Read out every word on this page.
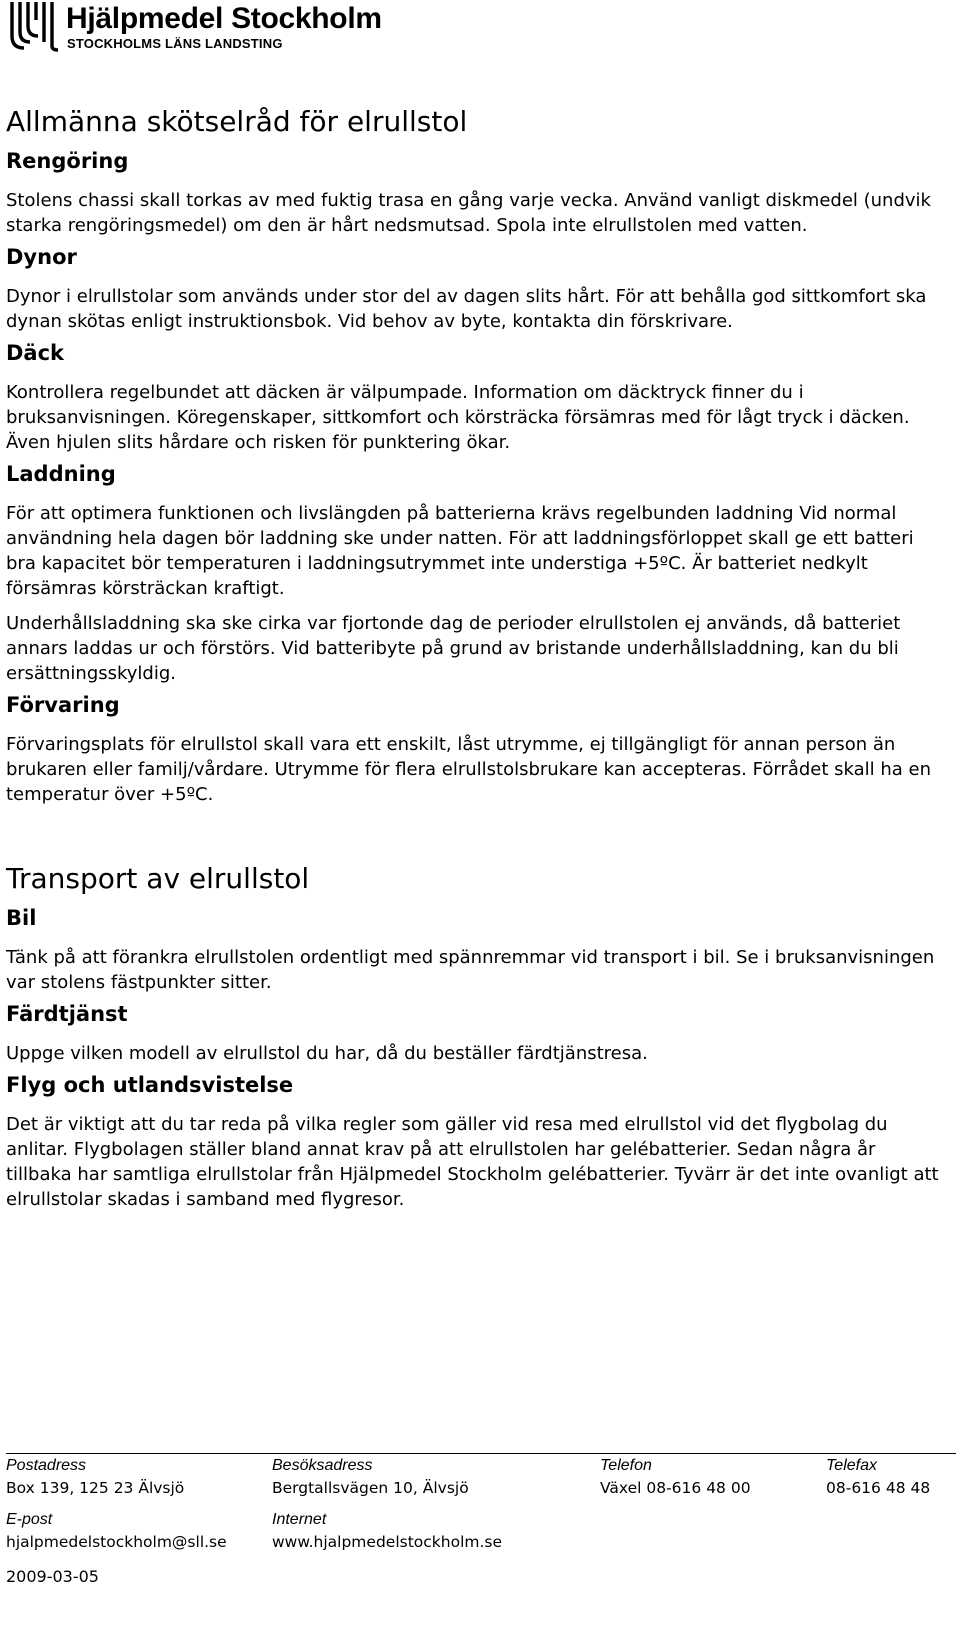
Hjälpmedel Stockholm
STOCKHOLMS LÄNS LANDSTING
Allmänna skötselråd för elrullstol
Rengöring

Stolens chassi skall torkas av med fuktig trasa en gång varje vecka. Använd vanligt diskmedel (undvik starka rengöringsmedel) om den är hårt nedsmutsad. Spola inte elrullstolen med vatten.

Dynor

Dynor i elrullstolar som används under stor del av dagen slits hårt. För att behålla god sittkomfort ska dynan skötas enligt instruktionsbok. Vid behov av byte, kontakta din förskrivare.

Däck

Kontrollera regelbundet att däcken är välpumpade. Information om däcktryck finner du i bruksanvisningen. Köregenskaper, sittkomfort och körsträcka försämras med för lågt tryck i däcken. Även hjulen slits hårdare och risken för punktering ökar.

Laddning

För att optimera funktionen och livslängden på batterierna krävs regelbunden laddning Vid normal användning hela dagen bör laddning ske under natten. För att laddningsförloppet skall ge ett batteri bra kapacitet bör temperaturen i laddningsutrymmet inte understiga +5ºC. Är batteriet nedkylt försämras körsträckan kraftigt.

Underhållsladdning ska ske cirka var fjortonde dag de perioder elrullstolen ej används, då batteriet annars laddas ur och förstörs. Vid batteribyte på grund av bristande underhållsladdning, kan du bli ersättningsskyldig.

Förvaring

Förvaringsplats för elrullstol skall vara ett enskilt, låst utrymme, ej tillgängligt för annan person än brukaren eller familj/vårdare. Utrymme för flera elrullstolsbrukare kan accepteras. Förrådet skall ha en temperatur över +5ºC.

Transport av elrullstol
Bil

Tänk på att förankra elrullstolen ordentligt med spännremmar vid transport i bil. Se i bruksanvisningen var stolens fästpunkter sitter.

Färdtjänst

Uppge vilken modell av elrullstol du har, då du beställer färdtjänstresa.

Flyg och utlandsvistelse

Det är viktigt att du tar reda på vilka regler som gäller vid resa med elrullstol vid det flygbolag du anlitar. Flygbolagen ställer bland annat krav på att elrullstolen har gelébatterier. Sedan några år tillbaka har samtliga elrullstolar från Hjälpmedel Stockholm gelébatterier. Tyvärr är det inte ovanligt att elrullstolar skadas i samband med flygresor.

Postadress
Box 139, 125 23 Älvsjö
Besöksadress
Bergtallsvägen 10, Älvsjö
Telefon
Växel 08-616 48 00
Telefax
08-616 48 48
E-post
hjalpmedelstockholm@sll.se
Internet
www.hjalpmedelstockholm.se
2009-03-05
